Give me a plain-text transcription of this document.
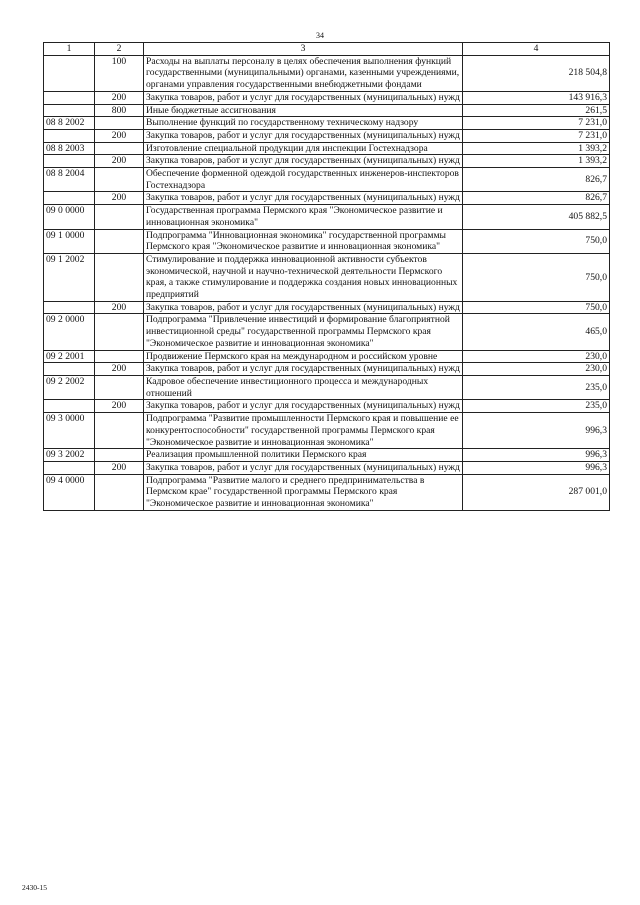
34
1	2	3	4
	100	Расходы на выплаты персоналу в целях обеспечения выполнения функций государственными (муниципальными) органами, казенными учреждениями, органами управления государственными внебюджетными фондами	218 504,8
	200	Закупка товаров, работ и услуг для государственных (муниципальных) нужд	143 916,3
	800	Иные бюджетные ассигнования	261,5
08 8 2002		Выполнение функций по государственному техническому надзору	7 231,0
	200	Закупка товаров, работ и услуг для государственных (муниципальных) нужд	7 231,0
08 8 2003		Изготовление специальной продукции для инспекции Гостехнадзора	1 393,2
	200	Закупка товаров, работ и услуг для государственных (муниципальных) нужд	1 393,2
08 8 2004		Обеспечение форменной одеждой государственных инженеров-инспекторов Гостехнадзора	826,7
	200	Закупка товаров, работ и услуг для государственных (муниципальных) нужд	826,7
09 0 0000		Государственная программа Пермского края "Экономическое развитие и инновационная экономика"	405 882,5
09 1 0000		Подпрограмма "Инновационная экономика" государственной программы Пермского края "Экономическое развитие и инновационная экономика"	750,0
09 1 2002		Стимулирование и поддержка инновационной активности субъектов экономической, научной и научно-технической деятельности Пермского края, а также стимулирование и поддержка создания новых инновационных предприятий	750,0
	200	Закупка товаров, работ и услуг для государственных (муниципальных) нужд	750,0
09 2 0000		Подпрограмма "Привлечение инвестиций и формирование благоприятной инвестиционной среды" государственной программы Пермского края "Экономическое развитие и инновационная экономика"	465,0
09 2 2001		Продвижение Пермского края на международном и российском уровне	230,0
	200	Закупка товаров, работ и услуг для государственных (муниципальных) нужд	230,0
09 2 2002		Кадровое обеспечение инвестиционного процесса и международных отношений	235,0
	200	Закупка товаров, работ и услуг для государственных (муниципальных) нужд	235,0
09 3 0000		Подпрограмма "Развитие промышленности Пермского края и повышение ее конкурентоспособности" государственной программы Пермского края "Экономическое развитие и инновационная экономика"	996,3
09 3 2002		Реализация промышленной политики Пермского края	996,3
	200	Закупка товаров, работ и услуг для государственных (муниципальных) нужд	996,3
09 4 0000		Подпрограмма "Развитие малого и среднего предпринимательства в Пермском крае" государственной программы Пермского края "Экономическое развитие и инновационная экономика"	287 001,0
2430-15
